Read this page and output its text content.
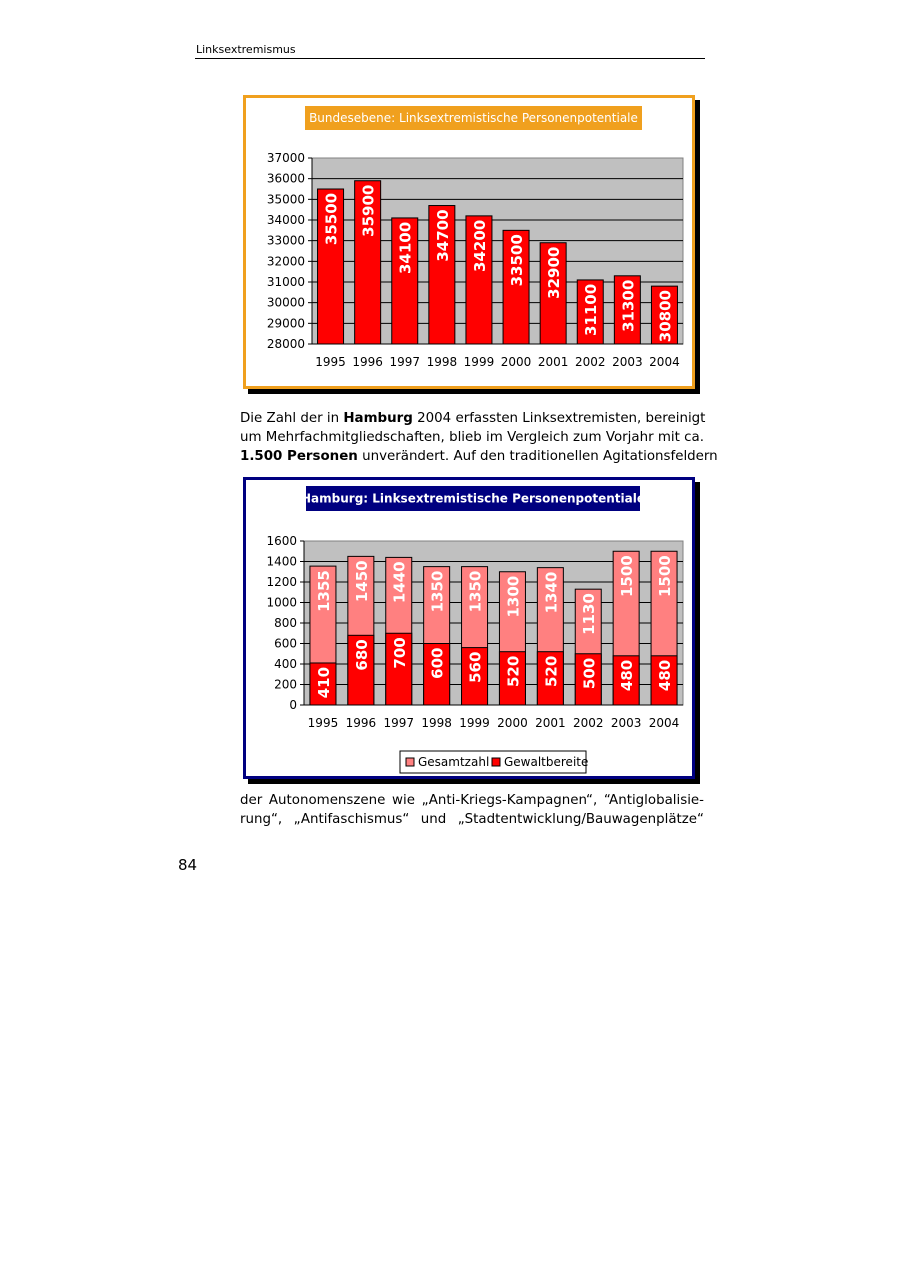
Linksextremismus
Bundesebene: Linksextremistische Personenpotentiale
28000
29000
30000
31000
32000
33000
34000
35000
36000
37000
1995
35500
1996
35900
1997
34100
1998
34700
1999
34200
2000
33500
2001
32900
2002
31100
2003
31300
2004
30800

Die Zahl der in Hamburg 2004 erfassten Linksextremisten, bereinigt
um Mehrfachmitgliedschaften, blieb im Vergleich zum Vorjahr mit ca.
1.500 Personen unverändert. Auf den traditionellen Agitationsfeldern

Hamburg: Linksextremistische Personenpotentiale
0
200
400
600
800
1000
1200
1400
1600
1995
1355
410
1996
1450
680
1997
1440
700
1998
1350
600
1999
1350
560
2000
1300
520
2001
1340
520
2002
1130
500
2003
1500
480
2004
1500
480
Gesamtzahl Gewaltbereite

der Autonomenszene wie „Anti-Kriegs-Kampagnen“, “Antiglobalisie-
rung“, „Antifaschismus“ und „Stadtentwicklung/Bauwagenplätze“

84
